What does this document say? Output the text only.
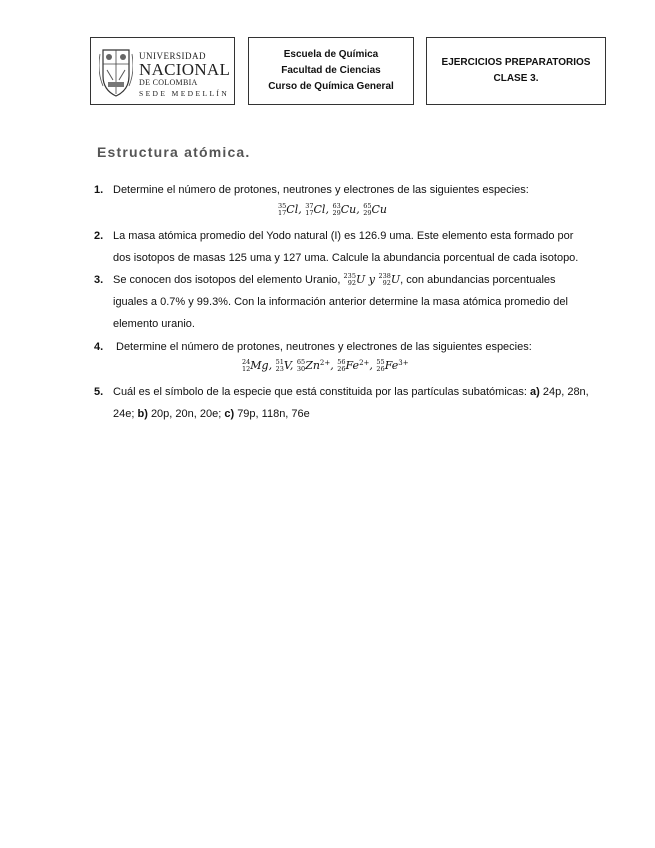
UNIVERSIDAD
NACIONAL
DE COLOMBIA
SEDE MEDELLÍN
Escuela de Química
Facultad de Ciencias
Curso de Química General
EJERCICIOS PREPARATORIOS
CLASE 3.
Estructura atómica.
1. Determine el número de protones, neutrones y electrones de las siguientes especies:
35
17 Cl, 37
17 Cl, 63
29 Cu, 65
29 Cu
2. La masa atómica promedio del Yodo natural (I) es 126.9 uma. Este elemento esta formado por
dos isotopos de masas 125 uma y 127 uma. Calcule la abundancia porcentual de cada isotopo.
3. Se conocen dos isotopos del elemento Uranio, 235
92 U y 238
92 U, con abundancias porcentuales
iguales a 0.7% y 99.3%. Con la información anterior determine la masa atómica promedio del
elemento uranio.
4. Determine el número de protones, neutrones y electrones de las siguientes especies:
24
12 Mg, 51
23 V, 65
30 $Zn^{2+}$, 56
26 $Fe^{2+}$, 55
26 $Fe^{3+}$
5. Cuál es el símbolo de la especie que está constituida por las partículas subatómicas: a) 24p, 28n,
24e; b) 20p, 20n, 20e; c) 79p, 118n, 76e
